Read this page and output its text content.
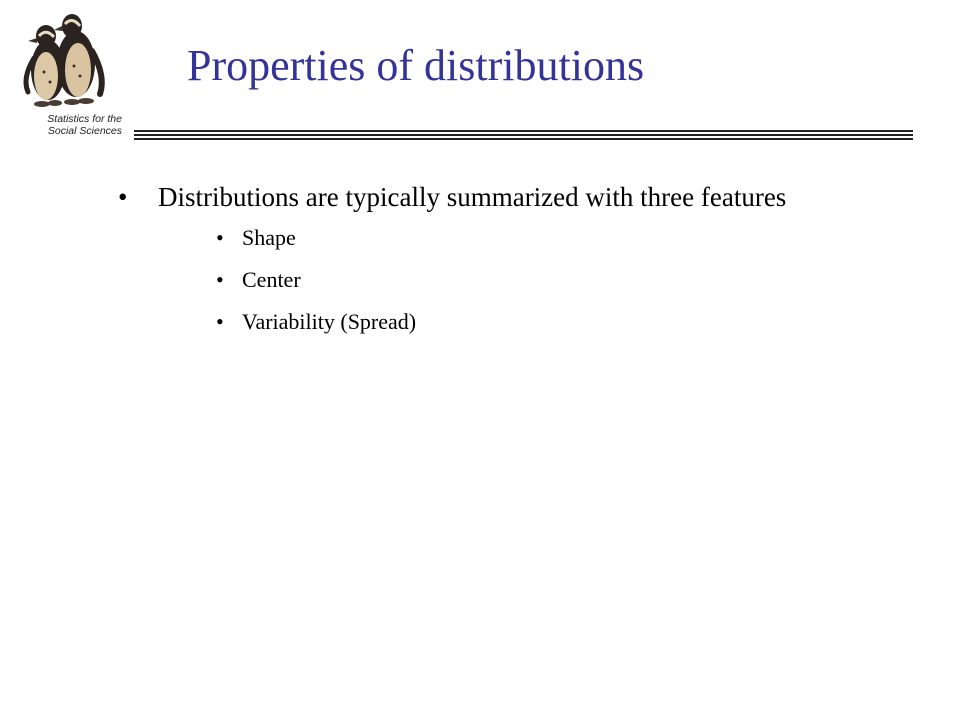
Statistics for the
Social Sciences
Properties of distributions
• Distributions are typically summarized with three features
• Shape
• Center
• Variability (Spread)
